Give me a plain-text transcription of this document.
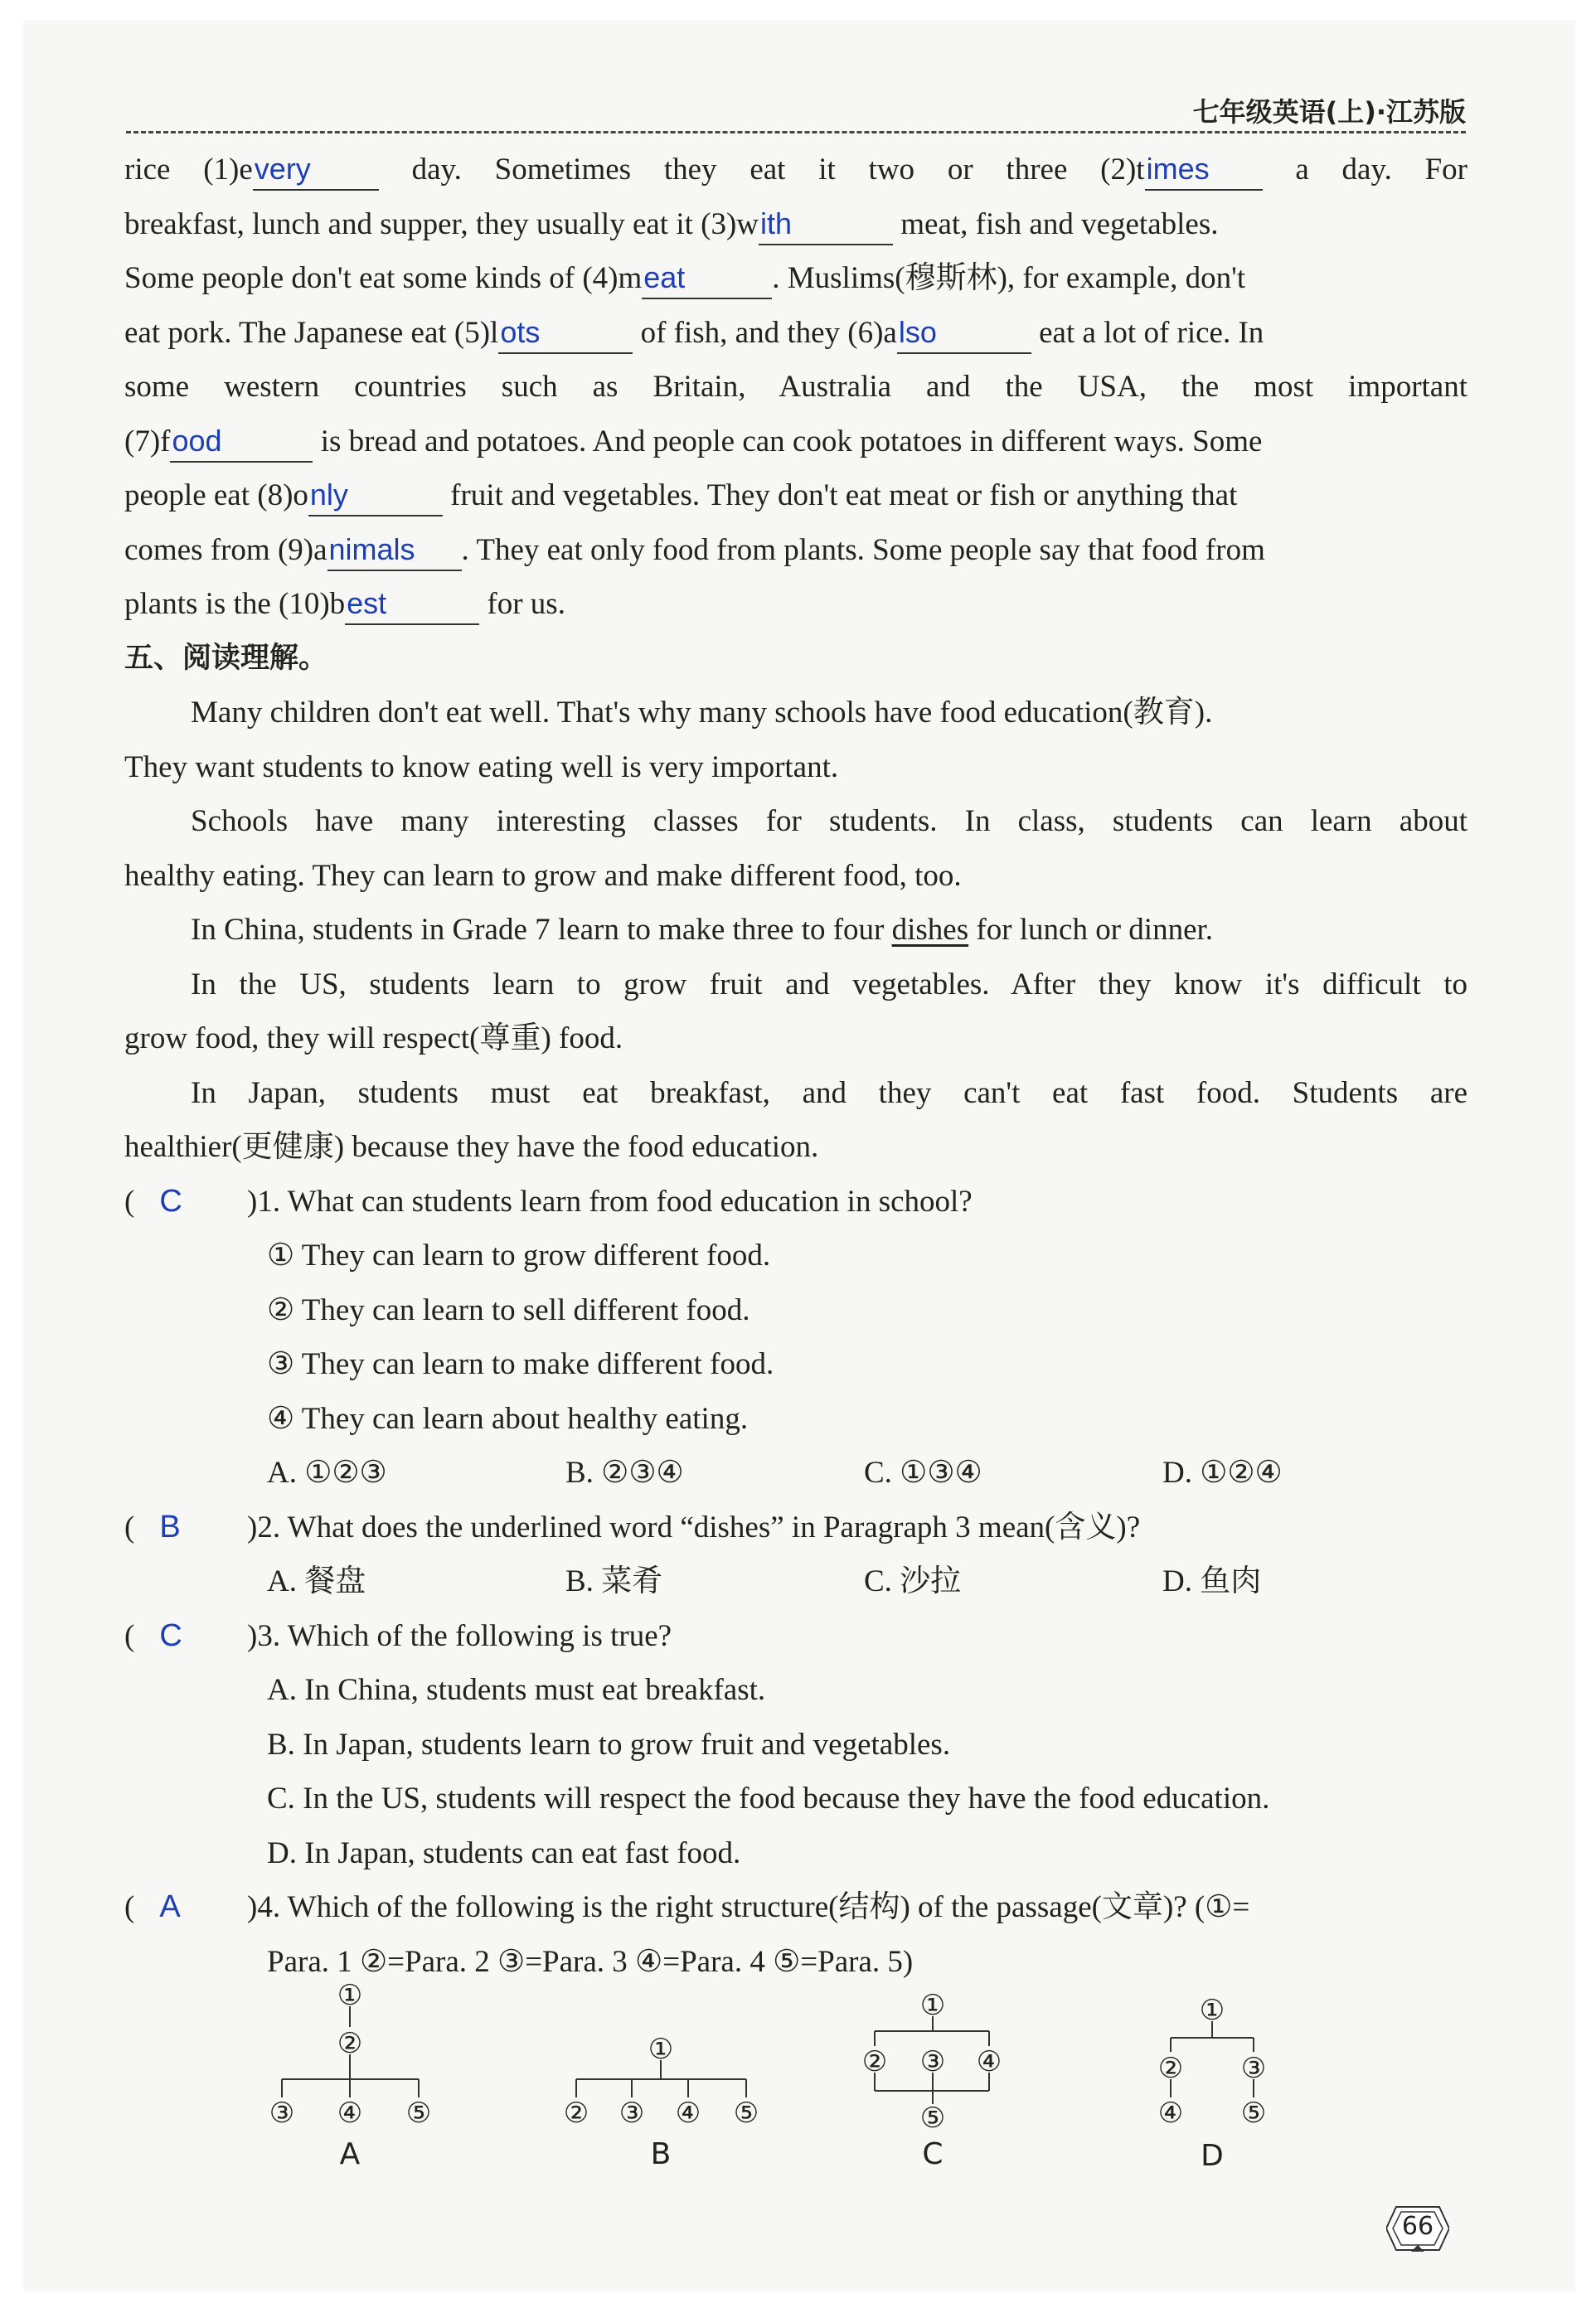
七年级英语(上)·江苏版
rice (1)every day. Sometimes they eat it two or three (2)times a day. For
breakfast, lunch and supper, they usually eat it (3)with	meat, fish and vegetables.
Some people don't eat some kinds of (4)meat	. Muslims(穆斯林), for example, don't
eat pork. The Japanese eat (5)lots	of fish, and they (6)also	eat a lot of rice. In
some western countries such as Britain, Australia and the USA, the most important
(7)food	is bread and potatoes. And people can cook potatoes in different ways. Some
people eat (8)only	fruit and vegetables. They don't eat meat or fish or anything that
comes from (9)animals . They eat only food from plants. Some people say that food from
plants is the (10)best	for us.
五、阅读理解。
Many children don't eat well. That's why many schools have food education(教育).
They want students to know eating well is very important.
Schools have many interesting classes for students. In class, students can learn about
healthy eating. They can learn to grow and make different food, too.
In China, students in Grade 7 learn to make three to four dishes for lunch or dinner.
In the US, students learn to grow fruit and vegetables. After they know it's difficult to
grow food, they will respect(尊重) food.
In Japan, students must eat breakfast, and they can't eat fast food. Students are
healthier(更健康) because they have the food education.
( C )1. What can students learn from food education in school?
① They can learn to grow different food.
② They can learn to sell different food.
③ They can learn to make different food.
④ They can learn about healthy eating.
A. ①②③	B. ②③④	C. ①③④	D. ①②④
( B )2. What does the underlined word “dishes” in Paragraph 3 mean(含义)?
A. 餐盘	B. 菜肴	C. 沙拉	D. 鱼肉
( C )3. Which of the following is true?
A. In China, students must eat breakfast.
B. In Japan, students learn to grow fruit and vegetables.
C. In the US, students will respect the food because they have the food education.
D. In Japan, students can eat fast food.
( A )4. Which of the following is the right structure(结构) of the passage(文章)? (①=
Para. 1 ②=Para. 2 ③=Para. 3 ④=Para. 4 ⑤=Para. 5)
①
②
③ ④ ⑤
①
② ③ ④ ⑤
①
② ③ ④
⑤
①
② ③
④ ⑤
A	B	C	D
66
